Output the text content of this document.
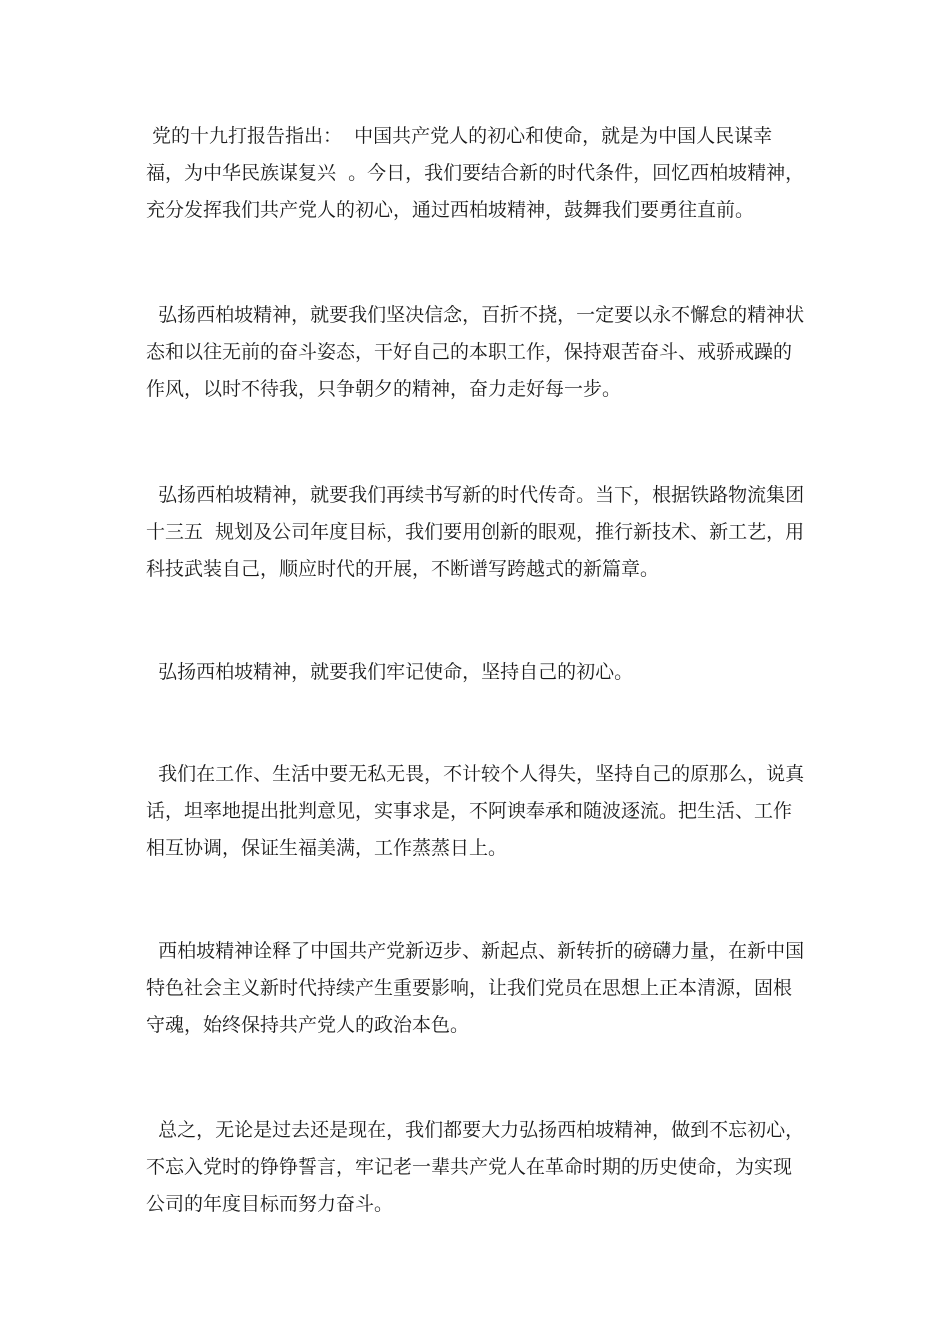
党的十九打报告指出：  中国共产党人的初心和使命，就是为中国人民谋幸福，为中华民族谋复兴  。今日，我们要结合新的时代条件，回忆西柏坡精神，充分发挥我们共产党人的初心，通过西柏坡精神，鼓舞我们要勇往直前。

弘扬西柏坡精神，就要我们坚决信念，百折不挠，一定要以永不懈怠的精神状态和以往无前的奋斗姿态，干好自己的本职工作，保持艰苦奋斗、戒骄戒躁的作风，以时不待我，只争朝夕的精神，奋力走好每一步。

弘扬西柏坡精神，就要我们再续书写新的时代传奇。当下，根据铁路物流集团十三五  规划及公司年度目标，我们要用创新的眼观，推行新技术、新工艺，用科技武装自己，顺应时代的开展，不断谱写跨越式的新篇章。

弘扬西柏坡精神，就要我们牢记使命，坚持自己的初心。

我们在工作、生活中要无私无畏，不计较个人得失，坚持自己的原那么，说真话，坦率地提出批判意见，实事求是，不阿谀奉承和随波逐流。把生活、工作相互协调，保证生福美满，工作蒸蒸日上。

西柏坡精神诠释了中国共产党新迈步、新起点、新转折的磅礴力量，在新中国特色社会主义新时代持续产生重要影响，让我们党员在思想上正本清源，固根守魂，始终保持共产党人的政治本色。

总之，无论是过去还是现在，我们都要大力弘扬西柏坡精神，做到不忘初心，不忘入党时的铮铮誓言，牢记老一辈共产党人在革命时期的历史使命，为实现公司的年度目标而努力奋斗。
